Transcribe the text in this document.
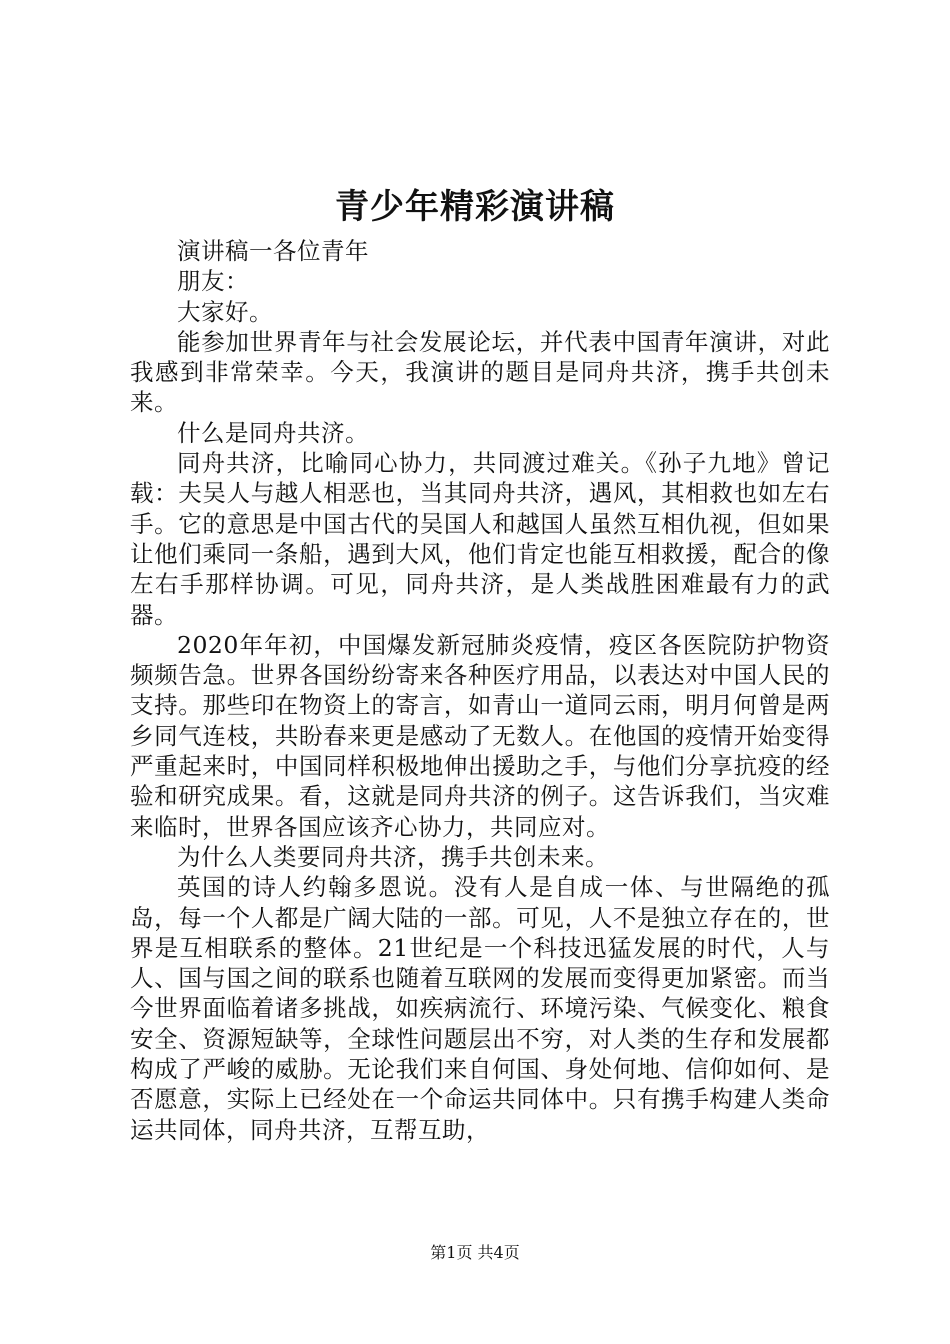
青少年精彩演讲稿

演讲稿一各位青年

朋友：

大家好。

能参加世界青年与社会发展论坛，并代表中国青年演讲，对此我感到非常荣幸。今天，我演讲的题目是同舟共济，携手共创未来。

什么是同舟共济。

同舟共济，比喻同心协力，共同渡过难关。《孙子九地》曾记载：夫吴人与越人相恶也，当其同舟共济，遇风，其相救也如左右手。它的意思是中国古代的吴国人和越国人虽然互相仇视，但如果让他们乘同一条船，遇到大风，他们肯定也能互相救援，配合的像左右手那样协调。可见，同舟共济，是人类战胜困难最有力的武器。

2020年年初，中国爆发新冠肺炎疫情，疫区各医院防护物资频频告急。世界各国纷纷寄来各种医疗用品，以表达对中国人民的支持。那些印在物资上的寄言，如青山一道同云雨，明月何曾是两乡同气连枝，共盼春来更是感动了无数人。在他国的疫情开始变得严重起来时，中国同样积极地伸出援助之手，与他们分享抗疫的经验和研究成果。看，这就是同舟共济的例子。这告诉我们，当灾难来临时，世界各国应该齐心协力，共同应对。

为什么人类要同舟共济，携手共创未来。

英国的诗人约翰多恩说。没有人是自成一体、与世隔绝的孤岛，每一个人都是广阔大陆的一部。可见，人不是独立存在的，世界是互相联系的整体。21世纪是一个科技迅猛发展的时代，人与人、国与国之间的联系也随着互联网的发展而变得更加紧密。而当今世界面临着诸多挑战，如疾病流行、环境污染、气候变化、粮食安全、资源短缺等，全球性问题层出不穷，对人类的生存和发展都构成了严峻的威胁。无论我们来自何国、身处何地、信仰如何、是否愿意，实际上已经处在一个命运共同体中。只有携手构建人类命运共同体，同舟共济，互帮互助，

第1页 共4页
